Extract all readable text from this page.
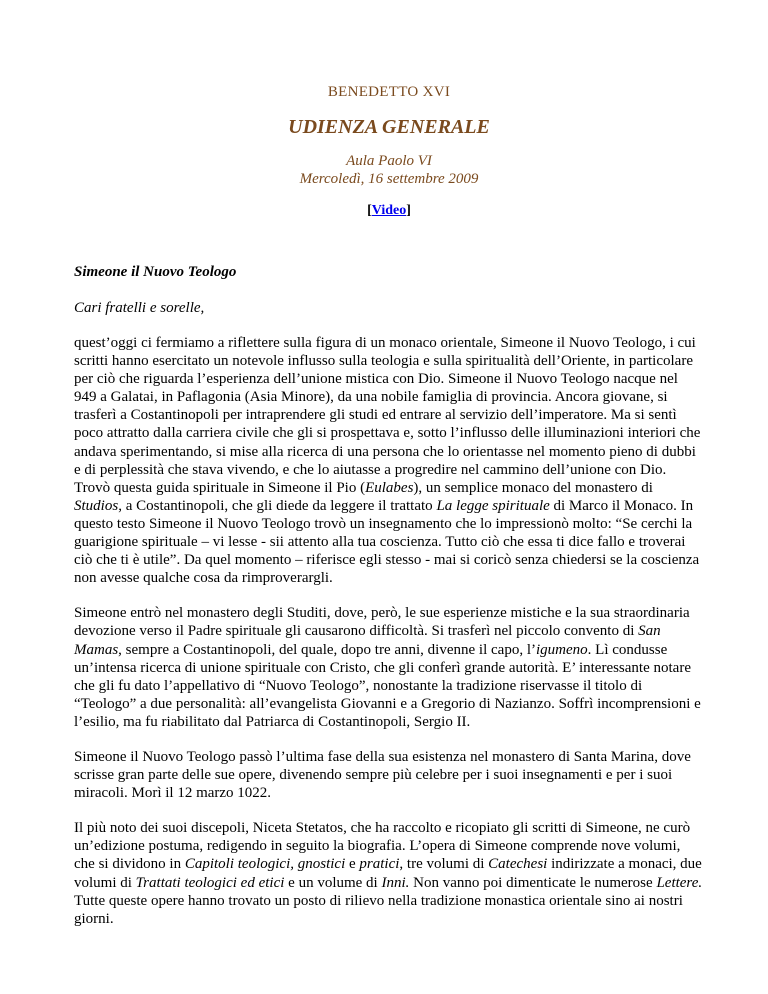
BENEDETTO XVI
UDIENZA GENERALE
Aula Paolo VI
Mercoledì, 16 settembre 2009
[Video]
Simeone il Nuovo Teologo
Cari fratelli e sorelle,

quest’oggi ci fermiamo a riflettere sulla figura di un monaco orientale, Simeone il Nuovo Teologo, i cui scritti hanno esercitato un notevole influsso sulla teologia e sulla spiritualità dell’Oriente, in particolare per ciò che riguarda l’esperienza dell’unione mistica con Dio. Simeone il Nuovo Teologo nacque nel 949 a Galatai, in Paflagonia (Asia Minore), da una nobile famiglia di provincia. Ancora giovane, si trasferì a Costantinopoli per intraprendere gli studi ed entrare al servizio dell’imperatore. Ma si sentì poco attratto dalla carriera civile che gli si prospettava e, sotto l’influsso delle illuminazioni interiori che andava sperimentando, si mise alla ricerca di una persona che lo orientasse nel momento pieno di dubbi e di perplessità che stava vivendo, e che lo aiutasse a progredire nel cammino dell’unione con Dio. Trovò questa guida spirituale in Simeone il Pio (Eulabes), un semplice monaco del monastero di Studios, a Costantinopoli, che gli diede da leggere il trattato La legge spirituale di Marco il Monaco. In questo testo Simeone il Nuovo Teologo trovò un insegnamento che lo impressionò molto: “Se cerchi la guarigione spirituale – vi lesse - sii attento alla tua coscienza. Tutto ciò che essa ti dice fallo e troverai ciò che ti è utile”. Da quel momento – riferisce egli stesso - mai si coricò senza chiedersi se la coscienza non avesse qualche cosa da rimproverargli.

Simeone entrò nel monastero degli Studiti, dove, però, le sue esperienze mistiche e la sua straordinaria devozione verso il Padre spirituale gli causarono difficoltà. Si trasferì nel piccolo convento di San Mamas, sempre a Costantinopoli, del quale, dopo tre anni, divenne il capo, l’igumeno. Lì condusse un’intensa ricerca di unione spirituale con Cristo, che gli conferì grande autorità. E’ interessante notare che gli fu dato l’appellativo di “Nuovo Teologo”, nonostante la tradizione riservasse il titolo di “Teologo” a due personalità: all’evangelista Giovanni e a Gregorio di Nazianzo. Soffrì incomprensioni e l’esilio, ma fu riabilitato dal Patriarca di Costantinopoli, Sergio II.

Simeone il Nuovo Teologo passò l’ultima fase della sua esistenza nel monastero di Santa Marina, dove scrisse gran parte delle sue opere, divenendo sempre più celebre per i suoi insegnamenti e per i suoi miracoli. Morì il 12 marzo 1022.

Il più noto dei suoi discepoli, Niceta Stetatos, che ha raccolto e ricopiato gli scritti di Simeone, ne curò un’edizione postuma, redigendo in seguito la biografia. L’opera di Simeone comprende nove volumi, che si dividono in Capitoli teologici, gnostici e pratici, tre volumi di Catechesi indirizzate a monaci, due volumi di Trattati teologici ed etici e un volume di Inni. Non vanno poi dimenticate le numerose Lettere. Tutte queste opere hanno trovato un posto di rilievo nella tradizione monastica orientale sino ai nostri giorni.
